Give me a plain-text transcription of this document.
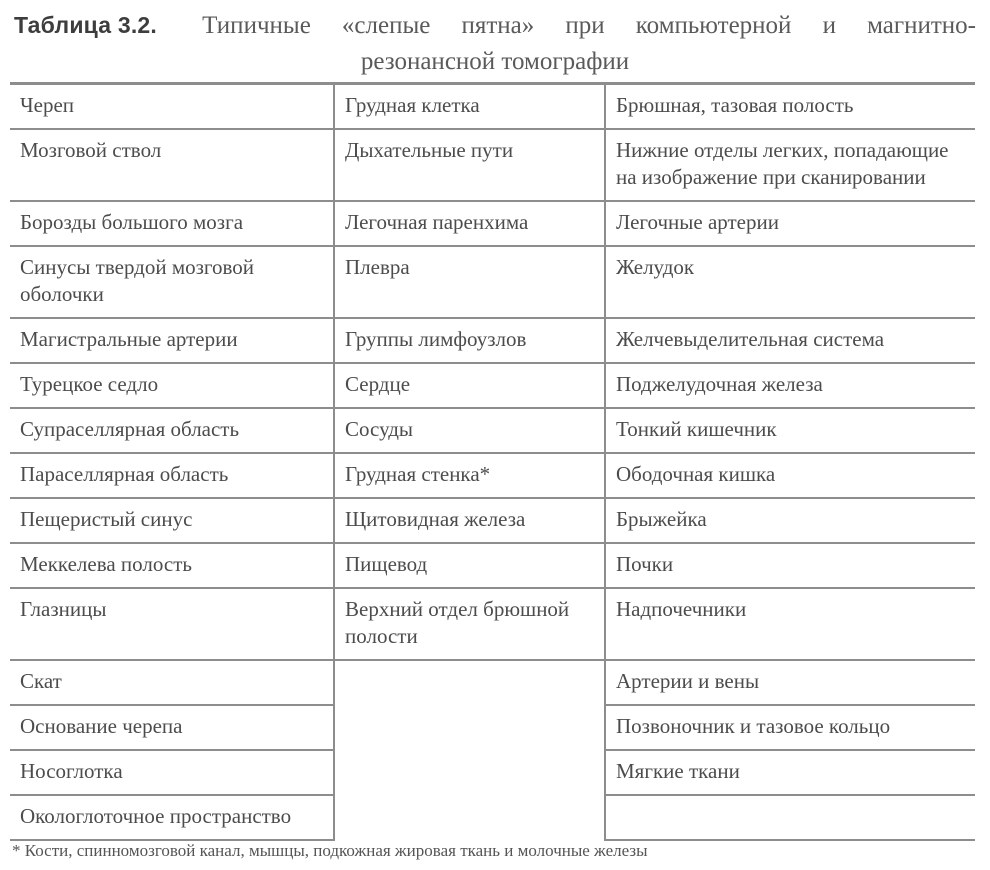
Таблица 3.2. Типичные «слепые пятна» при компьютерной и магнитно-
резонансной томографии
Череп	Грудная клетка	Брюшная, тазовая полость
Мозговой ствол	Дыхательные пути	Нижние отделы легких, попадающие на изображение при сканировании
Борозды большого мозга	Легочная паренхима	Легочные артерии
Синусы твердой мозговой оболочки	Плевра	Желудок
Магистральные артерии	Группы лимфоузлов	Желчевыделительная система
Турецкое седло	Сердце	Поджелудочная железа
Супраселлярная область	Сосуды	Тонкий кишечник
Параселлярная область	Грудная стенка*	Ободочная кишка
Пещеристый синус	Щитовидная железа	Брыжейка
Меккелева полость	Пищевод	Почки
Глазницы	Верхний отдел брюшной полости	Надпочечники
Скат		Артерии и вены
Основание черепа		Позвоночник и тазовое кольцо
Носоглотка		Мягкие ткани
Окологлоточное пространство		
* Кости, спинномозговой канал, мышцы, подкожная жировая ткань и молочные железы
